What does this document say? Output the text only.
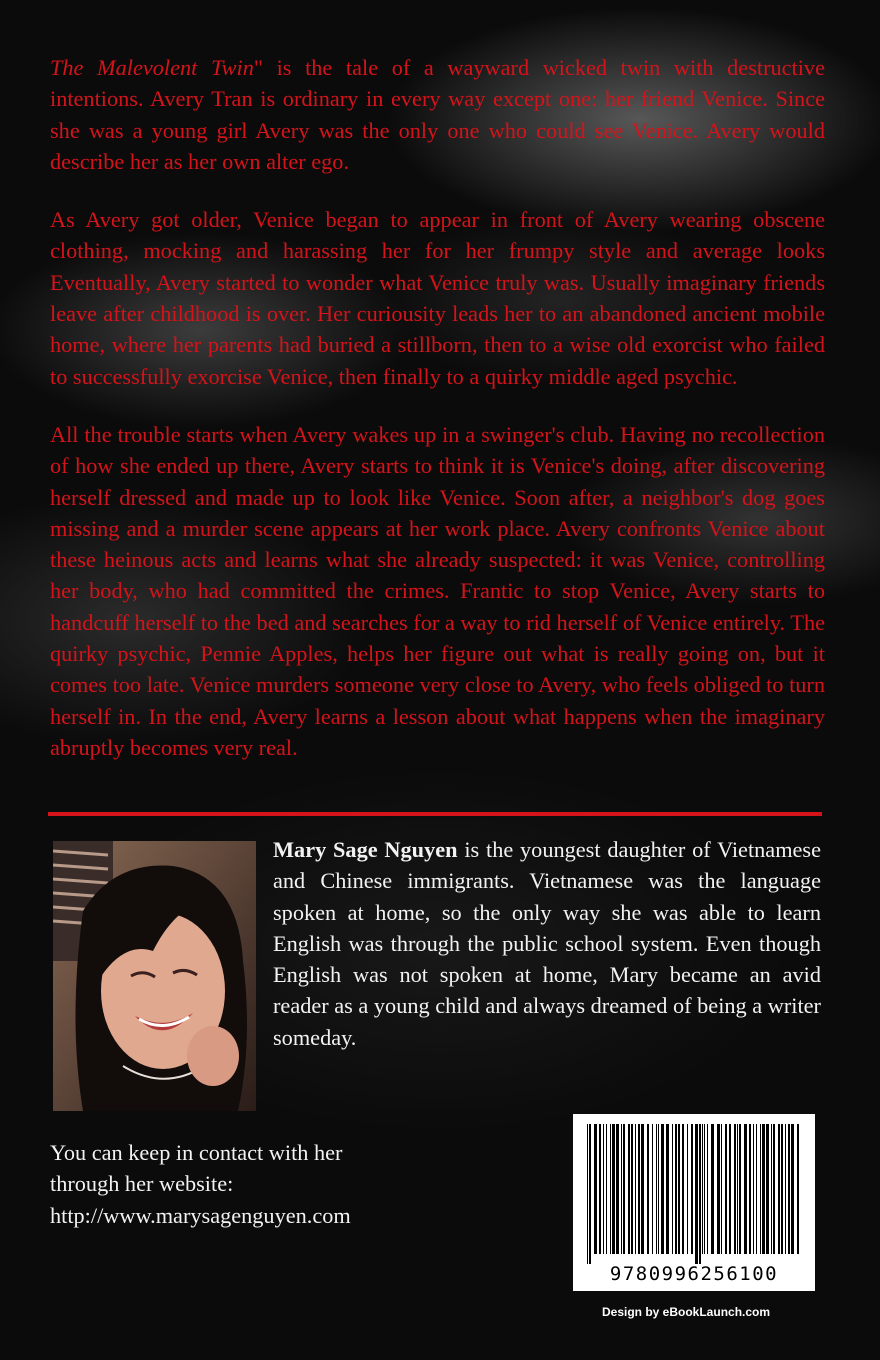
The Malevolent Twin" is the tale of a wayward wicked twin with destructive intentions. Avery Tran is ordinary in every way except one: her friend Venice. Since she was a young girl Avery was the only one who could see Venice. Avery would describe her as her own alter ego.

As Avery got older, Venice began to appear in front of Avery wearing obscene clothing, mocking and harassing her for her frumpy style and average looks Eventually, Avery started to wonder what Venice truly was. Usually imaginary friends leave after childhood is over. Her curiousity leads her to an abandoned ancient mobile home, where her parents had buried a stillborn, then to a wise old exorcist who failed to successfully exorcise Venice, then finally to a quirky middle aged psychic.

All the trouble starts when Avery wakes up in a swinger's club. Having no recollection of how she ended up there, Avery starts to think it is Venice's doing, after discovering herself dressed and made up to look like Venice. Soon after, a neighbor's dog goes missing and a murder scene appears at her work place. Avery confronts Venice about these heinous acts and learns what she already suspected: it was Venice, controlling her body, who had committed the crimes. Frantic to stop Venice, Avery starts to handcuff herself to the bed and searches for a way to rid herself of Venice entirely. The quirky psychic, Pennie Apples, helps her figure out what is really going on, but it comes too late. Venice murders someone very close to Avery, who feels obliged to turn herself in. In the end, Avery learns a lesson about what happens when the imaginary abruptly becomes very real.

Mary Sage Nguyen is the youngest daughter of Vietnamese and Chinese immigrants. Vietnamese was the language spoken at home, so the only way she was able to learn English was through the public school system. Even though English was not spoken at home, Mary became an avid reader as a young child and always dreamed of being a writer someday.
You can keep in contact with her
through her website:
http://www.marysagenguyen.com
9780996256100
Design by eBookLaunch.com
